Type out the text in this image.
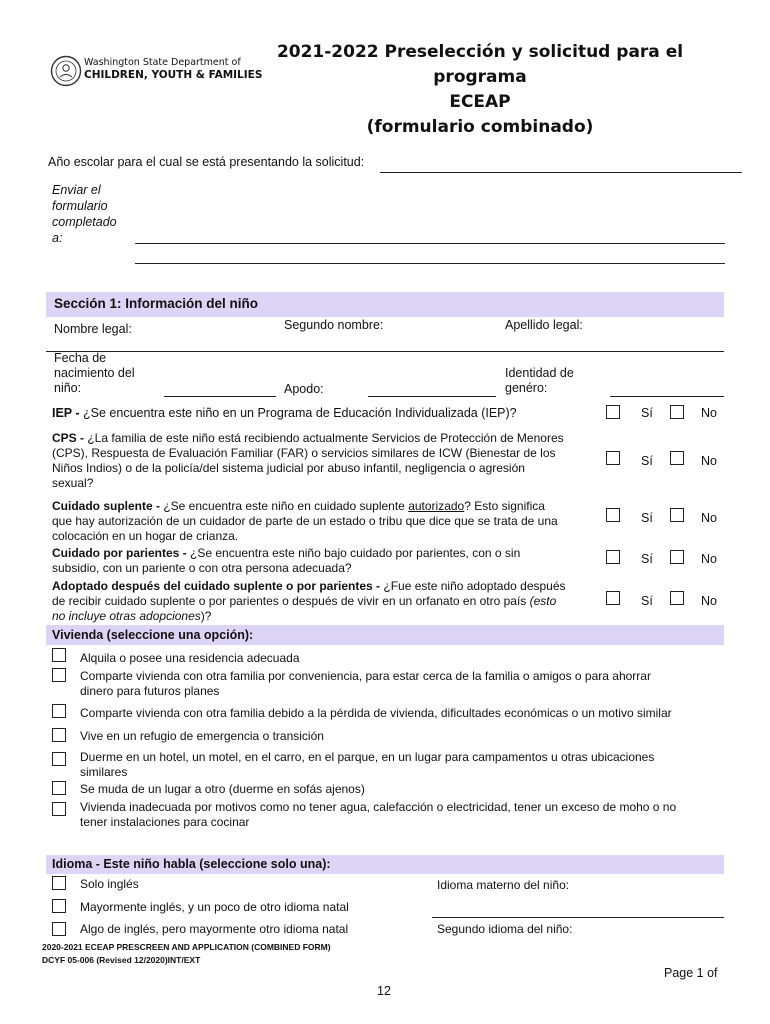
Washington State Department of
CHILDREN, YOUTH & FAMILIES
2021-2022 Preselección y solicitud para el programa
ECEAP
(formulario combinado)
Año escolar para el cual se está presentando la solicitud:
Enviar el
formulario
completado
a:
Sección 1: Información del niño
Nombre legal:	Segundo nombre:	Apellido legal:
Fecha de
nacimiento del
niño:	Apodo:
Identidad de
genéro:
IEP - ¿Se encuentra este niño en un Programa de Educación Individualizada (IEP)?	Sí	No
CPS - ¿La familia de este niño está recibiendo actualmente Servicios de Protección de Menores
(CPS), Respuesta de Evaluación Familiar (FAR) o servicios similares de ICW (Bienestar de los
Niños Indios) o de la policía/del sistema judicial por abuso infantil, negligencia o agresión
sexual?
Sí	No
Cuidado suplente - ¿Se encuentra este niño en cuidado suplente autorizado? Esto significa
que hay autorización de un cuidador de parte de un estado o tribu que dice que se trata de una
colocación en un hogar de crianza.
Sí	No
Cuidado por parientes - ¿Se encuentra este niño bajo cuidado por parientes, con o sin
subsidio, con un pariente o con otra persona adecuada?
Sí	No
Adoptado después del cuidado suplente o por parientes - ¿Fue este niño adoptado después
de recibir cuidado suplente o por parientes o después de vivir en un orfanato en otro país (esto
no incluye otras adopciones)?
Sí	No
Vivienda (seleccione una opción):
Alquila o posee una residencia adecuada
Comparte vivienda con otra familia por conveniencia, para estar cerca de la familia o amigos o para ahorrar
dinero para futuros planes
Comparte vivienda con otra familia debido a la pérdida de vivienda, dificultades económicas o un motivo similar
Vive en un refugio de emergencia o transición
Duerme en un hotel, un motel, en el carro, en el parque, en un lugar para campamentos u otras ubicaciones
similares
Se muda de un lugar a otro (duerme en sofás ajenos)
Vivienda inadecuada por motivos como no tener agua, calefacción o electricidad, tener un exceso de moho o no
tener instalaciones para cocinar
Idioma - Este niño habla (seleccione solo una):
Solo inglés
Mayormente inglés, y un poco de otro idioma natal
Algo de inglés, pero mayormente otro idioma natal
Idioma materno del niño:
Segundo idioma del niño:
2020-2021 ECEAP PRESCREEN AND APPLICATION (COMBINED FORM)
DCYF 05-006 (Revised 12/2020)INT/EXT
Page 1 of
12
